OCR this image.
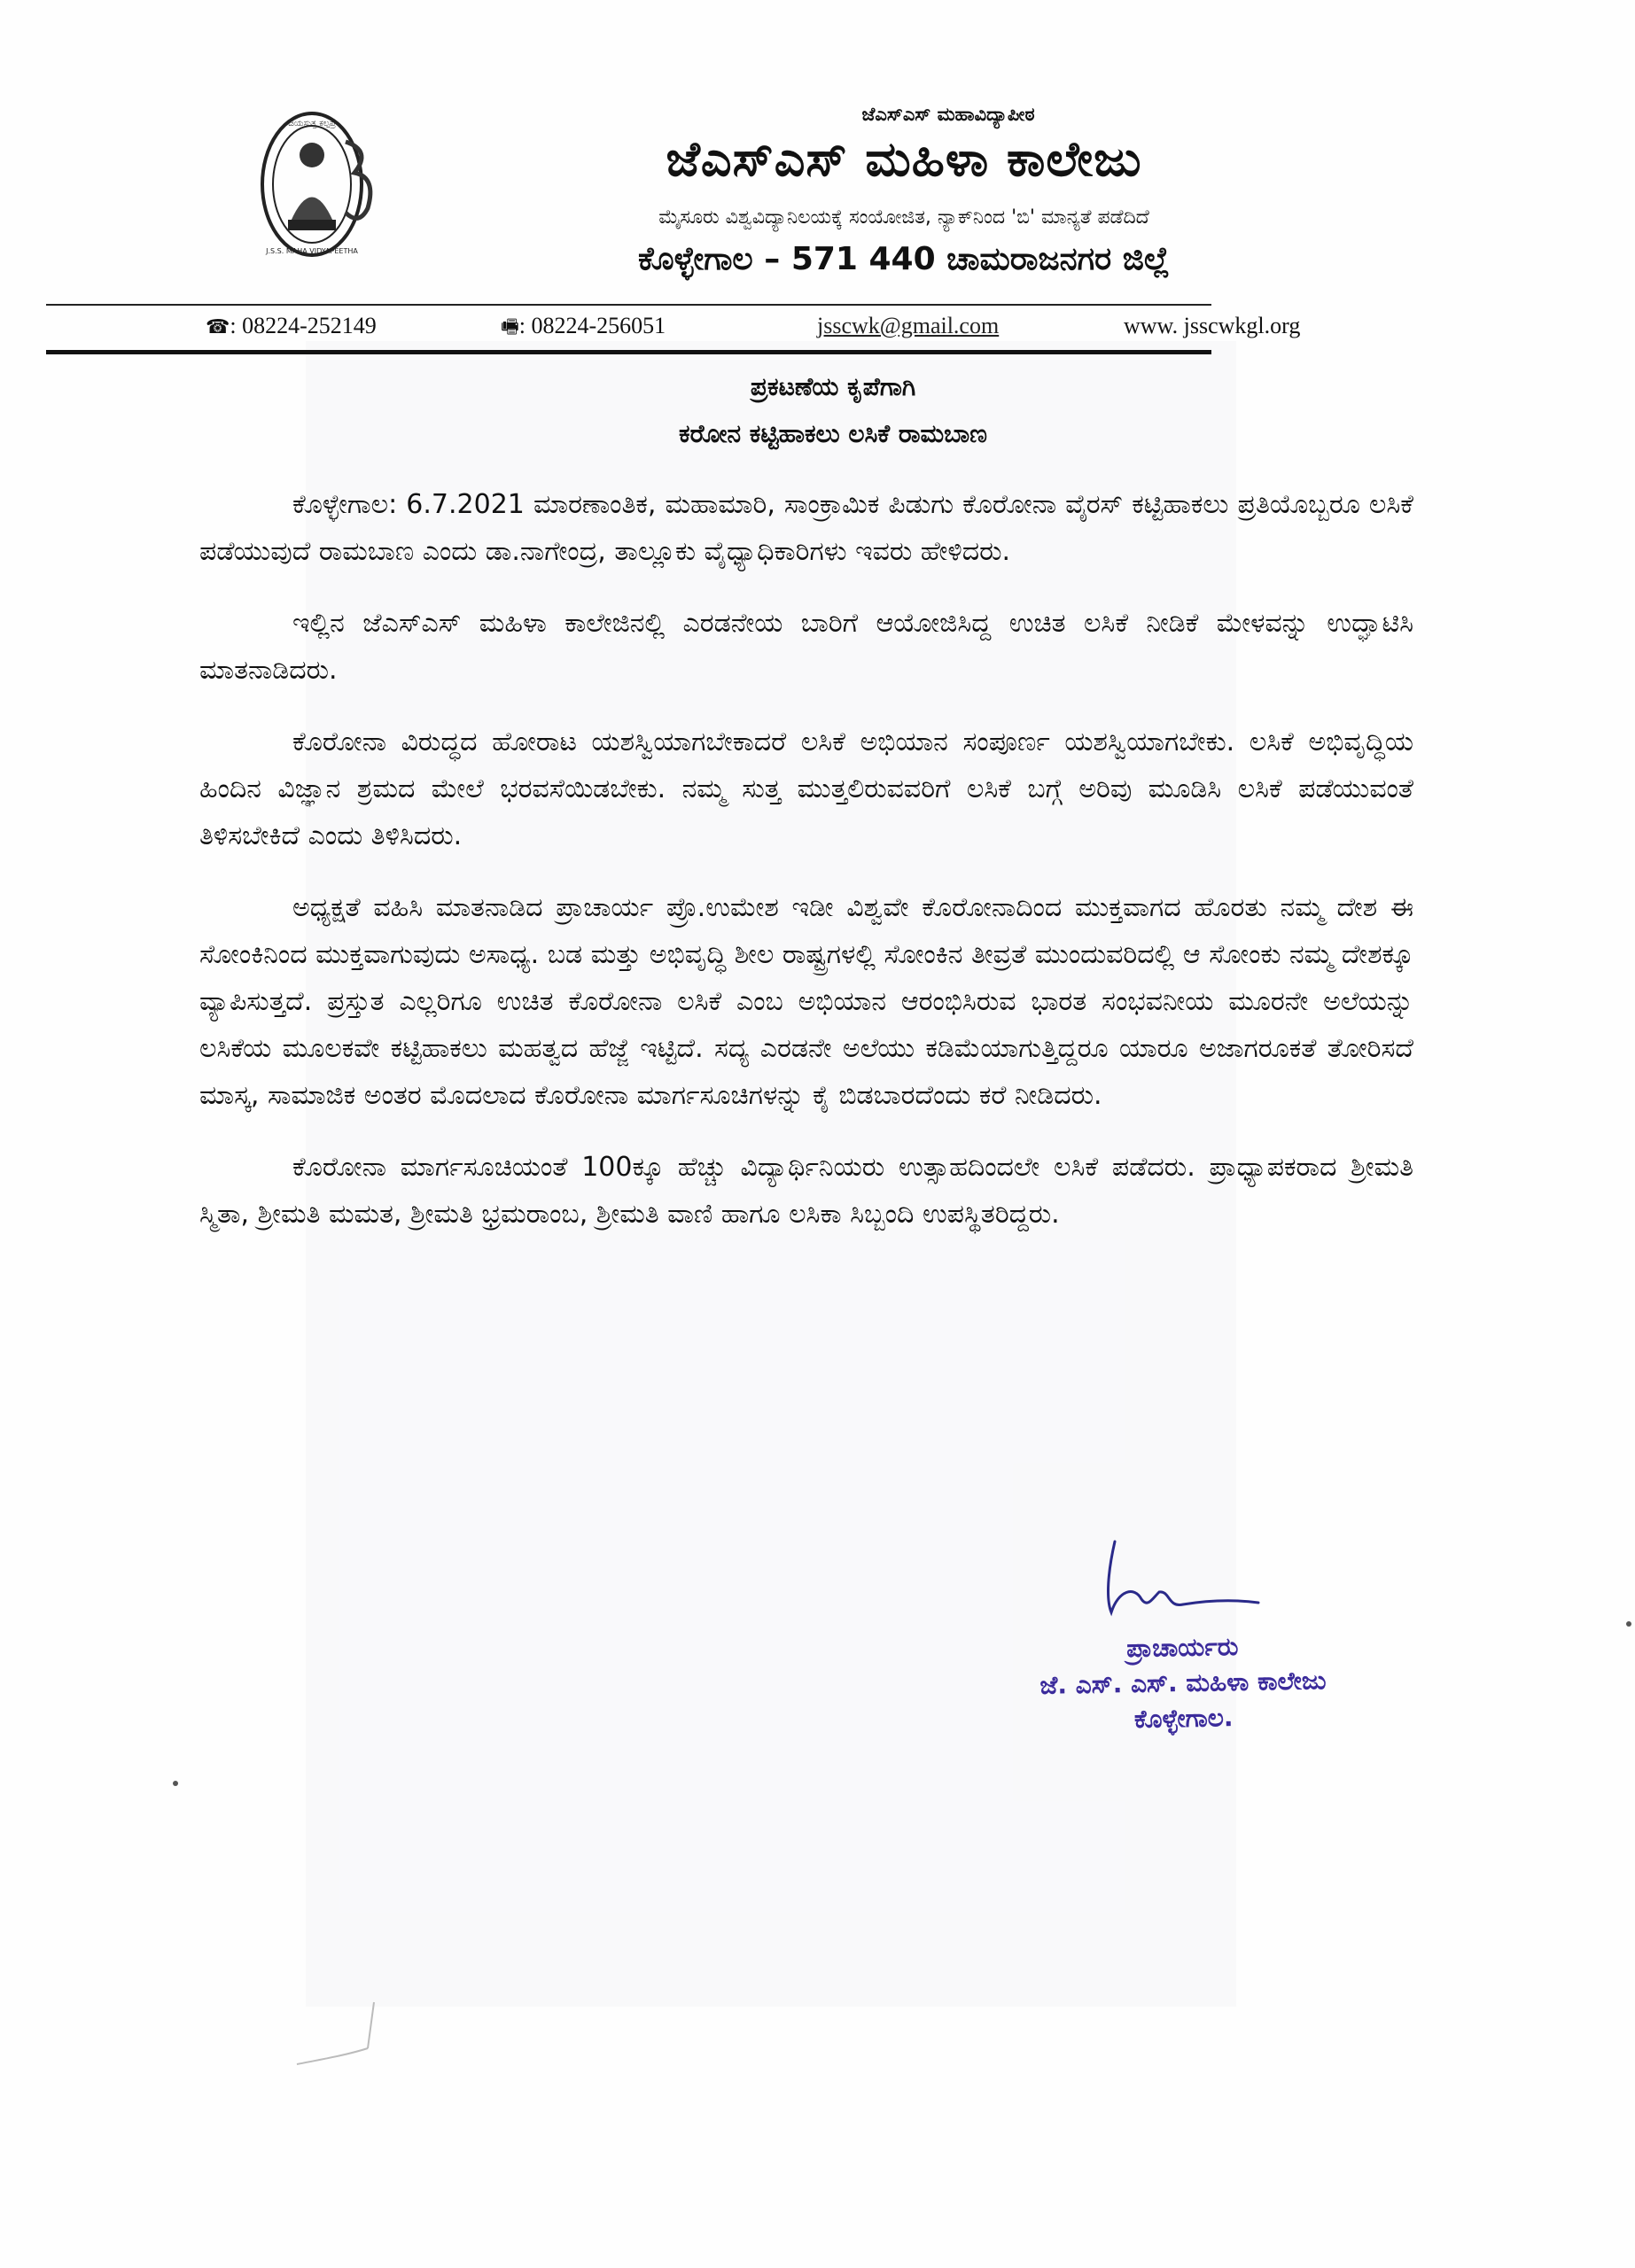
ಜಯಸುತ್ತ ಕಲ್ಪಪ್ರ
J.S.S. MAHA VIDYAPEETHA
ಜೆಎಸ್‌ಎಸ್ ಮಹಾವಿದ್ಯಾಪೀಠ
ಜೆಎಸ್‌ಎಸ್ ಮಹಿಳಾ ಕಾಲೇಜು
ಮೈಸೂರು ವಿಶ್ವವಿದ್ಯಾನಿಲಯಕ್ಕೆ ಸಂಯೋಜಿತ, ನ್ಯಾಕ್‌ನಿಂದ 'ಬಿ' ಮಾನ್ಯತೆ ಪಡೆದಿದೆ
ಕೊಳ್ಳೇಗಾಲ – 571 440 ಚಾಮರಾಜನಗರ ಜಿಲ್ಲೆ
☎: 08224-252149	🖷: 08224-256051	jsscwk@gmail.com	www. jsscwkgl.org
ಪ್ರಕಟಣೆಯ ಕೃಪೆಗಾಗಿ
ಕರೋನ ಕಟ್ಟಿಹಾಕಲು ಲಸಿಕೆ ರಾಮಬಾಣ

ಕೊಳ್ಳೇಗಾಲ: 6.7.2021 ಮಾರಣಾಂತಿಕ, ಮಹಾಮಾರಿ, ಸಾಂಕ್ರಾಮಿಕ ಪಿಡುಗು ಕೊರೋನಾ ವೈರಸ್ ಕಟ್ಟಿಹಾಕಲು ಪ್ರತಿಯೊಬ್ಬರೂ ಲಸಿಕೆ ಪಡೆಯುವುದೆ ರಾಮಬಾಣ ಎಂದು ಡಾ.ನಾಗೇಂದ್ರ, ತಾಲ್ಲೂಕು ವೈಧ್ಯಾಧಿಕಾರಿಗಳು ಇವರು ಹೇಳಿದರು.

ಇಲ್ಲಿನ ಜೆಎಸ್‌ಎಸ್ ಮಹಿಳಾ ಕಾಲೇಜಿನಲ್ಲಿ ಎರಡನೇಯ ಬಾರಿಗೆ ಆಯೋಜಿಸಿದ್ದ ಉಚಿತ ಲಸಿಕೆ ನೀಡಿಕೆ ಮೇಳವನ್ನು ಉದ್ಘಾಟಿಸಿ ಮಾತನಾಡಿದರು.

ಕೊರೋನಾ ವಿರುದ್ಧದ ಹೋರಾಟ ಯಶಸ್ವಿಯಾಗಬೇಕಾದರೆ ಲಸಿಕೆ ಅಭಿಯಾನ ಸಂಪೂರ್ಣ ಯಶಸ್ವಿಯಾಗಬೇಕು. ಲಸಿಕೆ ಅಭಿವೃದ್ಧಿಯ ಹಿಂದಿನ ವಿಜ್ಞಾನ ಶ್ರಮದ ಮೇಲೆ ಭರವಸೆಯಿಡಬೇಕು. ನಮ್ಮ ಸುತ್ತ ಮುತ್ತಲಿರುವವರಿಗೆ ಲಸಿಕೆ ಬಗ್ಗೆ ಅರಿವು ಮೂಡಿಸಿ ಲಸಿಕೆ ಪಡೆಯುವಂತೆ ತಿಳಿಸಬೇಕಿದೆ ಎಂದು ತಿಳಿಸಿದರು.

ಅಧ್ಯಕ್ಷತೆ ವಹಿಸಿ ಮಾತನಾಡಿದ ಪ್ರಾಚಾರ್ಯ ಪ್ರೊ.ಉಮೇಶ ಇಡೀ ವಿಶ್ವವೇ ಕೊರೋನಾದಿಂದ ಮುಕ್ತವಾಗದ ಹೊರತು ನಮ್ಮ ದೇಶ ಈ ಸೋಂಕಿನಿಂದ ಮುಕ್ತವಾಗುವುದು ಅಸಾಧ್ಯ. ಬಡ ಮತ್ತು ಅಭಿವೃದ್ಧಿ ಶೀಲ ರಾಷ್ಟ್ರಗಳಲ್ಲಿ ಸೋಂಕಿನ ತೀವ್ರತೆ ಮುಂದುವರಿದಲ್ಲಿ ಆ ಸೋಂಕು ನಮ್ಮ ದೇಶಕ್ಕೂ ವ್ಯಾಪಿಸುತ್ತದೆ. ಪ್ರಸ್ತುತ ಎಲ್ಲರಿಗೂ ಉಚಿತ ಕೊರೋನಾ ಲಸಿಕೆ ಎಂಬ ಅಭಿಯಾನ ಆರಂಭಿಸಿರುವ ಭಾರತ ಸಂಭವನೀಯ ಮೂರನೇ ಅಲೆಯನ್ನು ಲಸಿಕೆಯ ಮೂಲಕವೇ ಕಟ್ಟಿಹಾಕಲು ಮಹತ್ವದ ಹೆಜ್ಜೆ ಇಟ್ಟಿದೆ. ಸದ್ಯ ಎರಡನೇ ಅಲೆಯು ಕಡಿಮೆಯಾಗುತ್ತಿದ್ದರೂ ಯಾರೂ ಅಜಾಗರೂಕತೆ ತೋರಿಸದೆ ಮಾಸ್ಕ, ಸಾಮಾಜಿಕ ಅಂತರ ಮೊದಲಾದ ಕೊರೋನಾ ಮಾರ್ಗಸೂಚಿಗಳನ್ನು ಕೈ ಬಿಡಬಾರದೆಂದು ಕರೆ ನೀಡಿದರು.

ಕೊರೋನಾ ಮಾರ್ಗಸೂಚಿಯಂತೆ 100ಕ್ಕೂ ಹೆಚ್ಚು ವಿದ್ಯಾರ್ಥಿನಿಯರು ಉತ್ಸಾಹದಿಂದಲೇ ಲಸಿಕೆ ಪಡೆದರು. ಪ್ರಾಧ್ಯಾಪಕರಾದ ಶ್ರೀಮತಿ ಸ್ಮಿತಾ, ಶ್ರೀಮತಿ ಮಮತ, ಶ್ರೀಮತಿ ಭ್ರಮರಾಂಬ, ಶ್ರೀಮತಿ ವಾಣಿ ಹಾಗೂ ಲಸಿಕಾ ಸಿಬ್ಬಂದಿ ಉಪಸ್ಥಿತರಿದ್ದರು.

ಪ್ರಾಚಾರ್ಯರು
ಜೆ. ಎಸ್. ಎಸ್. ಮಹಿಳಾ ಕಾಲೇಜು
ಕೊಳ್ಳೇಗಾಲ.
